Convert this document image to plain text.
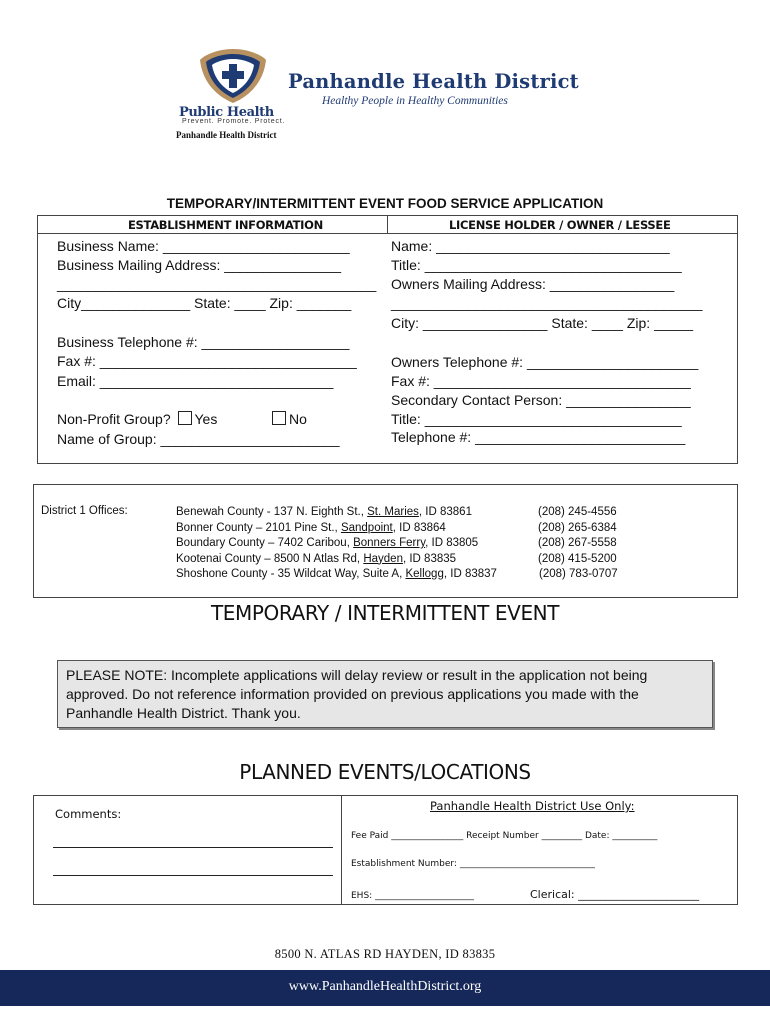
Panhandle Health District
Healthy People in Healthy Communities
Public Health
Prevent. Promote. Protect.
Panhandle Health District
TEMPORARY/INTERMITTENT EVENT FOOD SERVICE APPLICATION
ESTABLISHMENT INFORMATION	LICENSE HOLDER / OWNER / LESSEE
Business Name: ________________________
Business Mailing Address: _______________
_________________________________________
City______________ State: ____ Zip: _______
Business Telephone #: ___________________
Fax #: _________________________________
Email: ______________________________
Non-Profit Group? Yes	No
Name of Group: _______________________
Name: ______________________________
Title: _________________________________
Owners Mailing Address: ________________
________________________________________
City: ________________ State: ____ Zip: _____
Owners Telephone #: ______________________
Fax #: _________________________________
Secondary Contact Person: ________________
Title: _________________________________
Telephone #: ___________________________
District 1 Offices:	Benewah County - 137 N. Eighth St., St. Maries, ID 83861	(208) 245-4556
Bonner County – 2101 Pine St., Sandpoint, ID 83864	(208) 265-6384
Boundary County – 7402 Caribou, Bonners Ferry, ID 83805	(208) 267-5558
Kootenai County – 8500 N Atlas Rd, Hayden, ID 83835	(208) 415-5200
Shoshone County - 35 Wildcat Way, Suite A, Kellogg, ID 83837	(208) 783-0707
TEMPORARY / INTERMITTENT EVENT
PLEASE NOTE: Incomplete applications will delay review or result in the application not being approved. Do not reference information provided on previous applications you made with the Panhandle Health District. Thank you.
PLANNED EVENTS/LOCATIONS
Comments:
Panhandle Health District Use Only:
Fee Paid ________________ Receipt Number _________ Date: __________
Establishment Number: ______________________________
EHS: ______________________	Clerical: ______________________
8500 N. ATLAS RD HAYDEN, ID 83835
www.PanhandleHealthDistrict.org
